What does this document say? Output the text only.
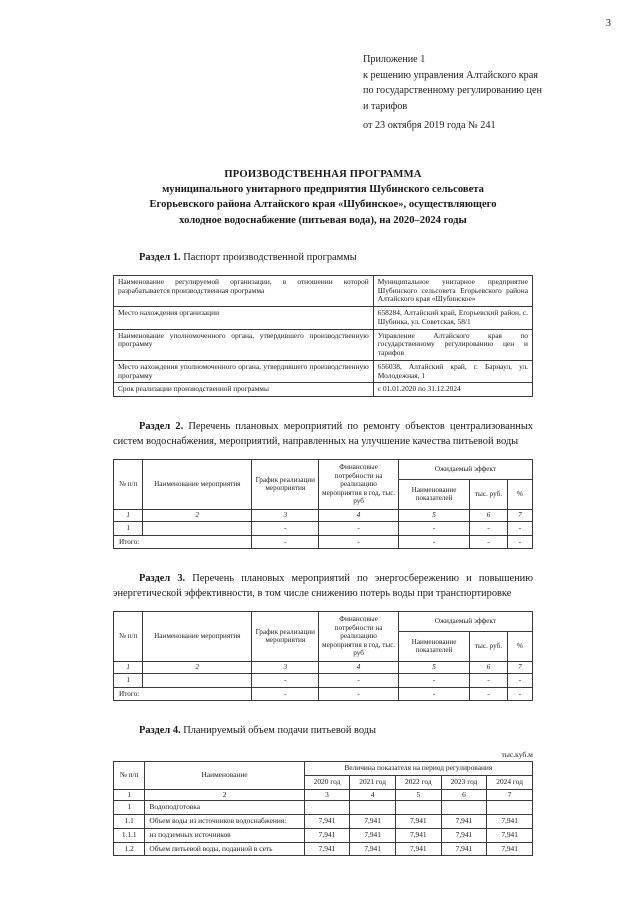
3
Приложение 1
к решению управления Алтайского края
по государственному регулированию цен
и тарифов
от 23 октября 2019 года № 241
ПРОИЗВОДСТВЕННАЯ ПРОГРАММА
муниципального унитарного предприятия Шубинского сельсовета
Егорьевского района Алтайского края «Шубинское», осуществляющего
холодное водоснабжение (питьевая вода), на 2020–2024 годы
Раздел 1. Паспорт производственной программы
Наименование регулируемой организации, в отношении которой разрабатывается производственная программа	Муниципальное унитарное предприятие Шубинского сельсовета Егорьевского района Алтайского края «Шубинское»
Место нахождения организации	658284, Алтайский край, Егорьевский район, с. Шубинка, ул. Советская, 58/1
Наименование уполномоченного органа, утвердившего производственную программу	Управление Алтайского края по государственному регулированию цен и тарифов
Место нахождения уполномоченного органа, утвердившего производственную программу	656038, Алтайский край, г. Барнаул, ул. Молодежная, 1
Срок реализации производственной программы	с 01.01.2020 по 31.12.2024
Раздел 2. Перечень плановых мероприятий по ремонту объектов централизованных систем водоснабжения, мероприятий, направленных на улучшение качества питьевой воды
№ п/п	Наименование мероприятия	График реализации мероприятия	Финансовые потребности на реализацию мероприятия в год, тыс. руб	Ожидаемый эффект		
				Наименование показателей	тыс. руб.	%
1	2	3	4	5	6	7
1		-	-	-	-	-
Итого:		-	-	-	-	-
Раздел 3. Перечень плановых мероприятий по энергосбережению и повышению энергетической эффективности, в том числе снижению потерь воды при транспортировке
№ п/п	Наименование мероприятия	График реализации мероприятия	Финансовые потребности на реализацию мероприятия в год, тыс. руб	Ожидаемый эффект		
				Наименование показателей	тыс. руб.	%
1	2	3	4	5	6	7
1		-	-	-	-	-
Итого:		-	-	-	-	-
Раздел 4. Планируемый объем подачи питьевой воды
тыс.куб.м
№ п/п	Наименование	Величина показателя на период регулирования				
		2020 год	2021 год	2022 год	2023 год	2024 год
1	2	3	4	5	6	7
1	Водоподготовка					
1.1	Объем воды из источников водоснабжения:	7,941	7,941	7,941	7,941	7,941
1.1.1	из подземных источников	7,941	7,941	7,941	7,941	7,941
1.2	Объем питьевой воды, поданной в сеть	7,941	7,941	7,941	7,941	7,941
